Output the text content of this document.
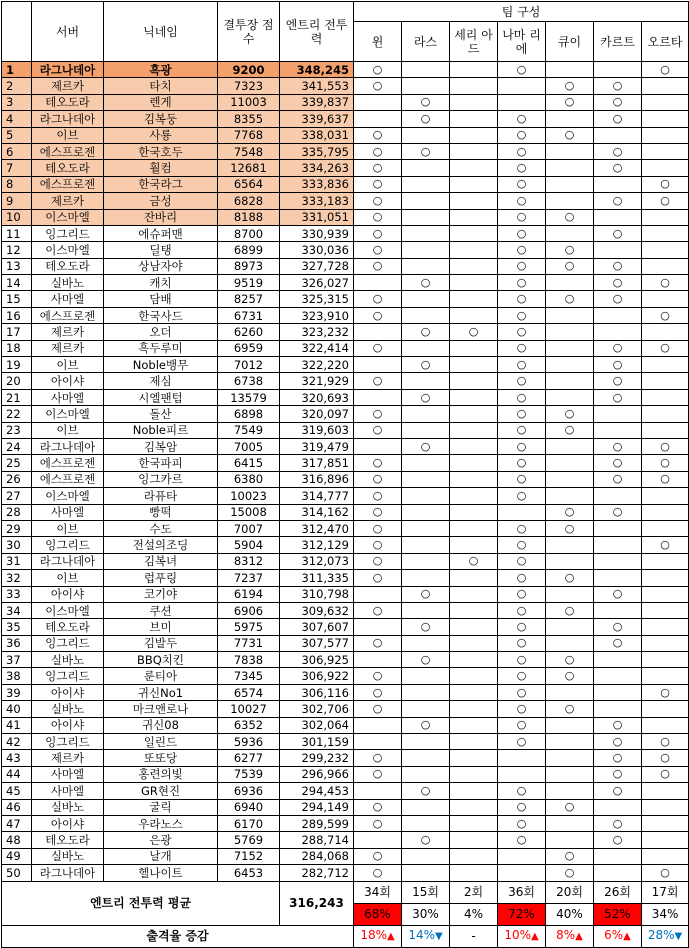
	서버	닉네임	결투장 점수	엔트리 전투력	팀 구성						
					윈	라스	세리 아드	나마 리에	큐이	카르트	오르타
1	라그나데아	흑광	9200	348,245	○			○			○
2	제르카	타치	7323	341,553	○				○	○	
3	테오도라	렌게	11003	339,837		○			○	○	
4	라그나데아	김복둥	8355	339,637		○		○		○	
5	이브	사룡	7768	338,031	○			○	○		
6	에스프로젠	한국호두	7548	335,795	○	○		○		○	
7	테오도라	훨컴	12681	334,263	○			○		○	
8	에스프로젠	한국라그	6564	333,836	○			○			○
9	제르카	금성	6828	333,183	○			○		○	○
10	이스마엘	잔바리	8188	331,051	○			○	○		
11	잉그리드	에슈퍼맨	8700	330,939	○			○		○	
12	이스마엘	딜탱	6899	330,036	○			○	○		
13	테오도라	상남자야	8973	327,728	○			○	○	○	
14	실바노	캐치	9519	326,027		○		○		○	○
15	사마엘	담배	8257	325,315	○			○	○	○	
16	에스프로젠	한국사드	6731	323,910	○			○			○
17	제르카	오더	6260	323,232		○	○	○			
18	제르카	흑두루미	6959	322,414	○			○		○	○
19	이브	Noble뱅무	7012	322,220		○		○		○	
20	아이샤	제심	6738	321,929	○			○		○	
21	사마엘	시엘팬텀	13579	320,693		○		○		○	
22	이스마엘	돌산	6898	320,097	○			○	○		
23	이브	Noble피르	7549	319,603	○			○	○		
24	라그나데아	김복암	7005	319,479		○		○		○	○
25	에스프로젠	한국파피	6415	317,851	○			○		○	○
26	에스프로젠	잉그카르	6380	316,896	○			○		○	○
27	이스마엘	라퓨타	10023	314,777	○			○			
28	사마엘	빵떡	15008	314,162	○				○	○	
29	이브	수도	7007	312,470	○			○	○		
30	잉그리드	전설의조딩	5904	312,129	○			○			○
31	라그나데아	김복녀	8312	312,073	○		○	○			
32	이브	럽푸링	7237	311,335	○			○	○		
33	아이샤	코기야	6194	310,798		○		○		○	
34	이스마엘	쿠션	6906	309,632	○			○	○		
35	테오도라	브미	5975	307,607		○		○		○	
36	잉그리드	김발두	7731	307,577	○			○		○	
37	실바노	BBQ치킨	7838	306,925		○		○	○		
38	잉그리드	룬티아	7345	306,922	○			○	○		
39	아이샤	귀신No1	6574	306,116	○			○			○
40	실바노	마크앤로나	10027	302,706	○			○	○		
41	아이샤	귀신08	6352	302,064		○		○		○	
42	잉그리드	일린드	5936	301,159				○		○	○
43	제르카	또또당	6277	299,232	○					○	○
44	사마엘	홍련의빛	7539	296,966	○					○	○
45	사마엘	GR현진	6936	294,453		○		○		○	
46	실바노	굴릭	6940	294,149	○			○	○		
47	아이샤	우라노스	6170	289,599	○			○		○	
48	테오도라	은광	5769	288,714		○		○		○	
49	실바노	날개	7152	284,068	○				○		
50	라그나데아	헬나이트	6453	282,712	○				○		○
엔트리 전투력 평균				316,243	34회	15회	2회	36회	20회	26회	17회
					68%	30%	4%	72%	40%	52%	34%
출격율 증감					18%▲	14%▼	-	10%▲	8%▲	6%▲	28%▼
